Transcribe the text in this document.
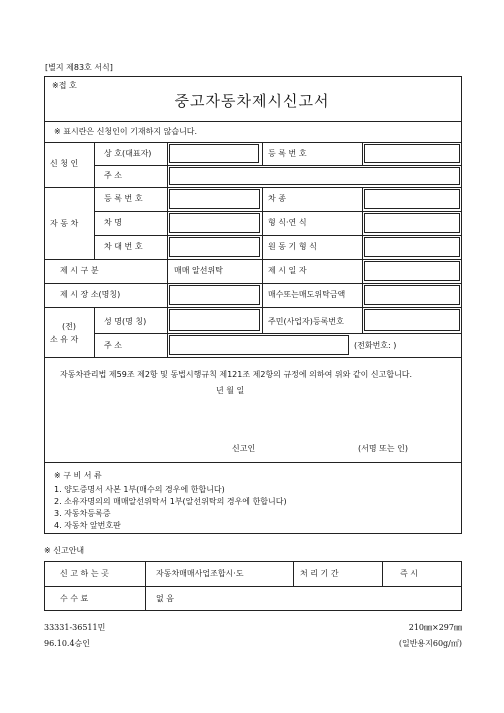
[별지 제83호 서식]
※접 호
중고자동차제시신고서
※ 표시란은 신청인이 기재하지 않습니다.
신 청 인
상 호(대표자)	등 록 번 호
주 소
자 동 차
등 록 번 호	차 종
차 명	형 식·연 식
차 대 번 호	원 동 기 형 식
제 시 구 분	매매 알선위탁	제 시 일 자
제 시 장 소(명칭)	매수또는매도위탁금액
(전)
소 유 자
성 명(명 칭)	주민(사업자)등록번호
주 소	(전화번호: )
자동차관리법 제59조 제2항 및 동법시행규칙 제121조 제2항의 규정에 의하여 위와 같이 신고합니다.
년 월 일
신고인	(서명 또는 인)
※ 구 비 서 류
1. 양도증명서 사본 1부(매수의 경우에 한합니다)
2. 소유자명의의 매매알선위탁서 1부(알선위탁의 경우에 한합니다)
3. 자동차등록증
4. 자동차 앞번호판
※ 신고안내
신 고 하 는 곳	자동차매매사업조합시·도	처 리 기 간	즉 시
수 수 료	없 음
33331-36511민
96.10.4승인
210㎜×297㎜
(일반용지60g/㎡)
